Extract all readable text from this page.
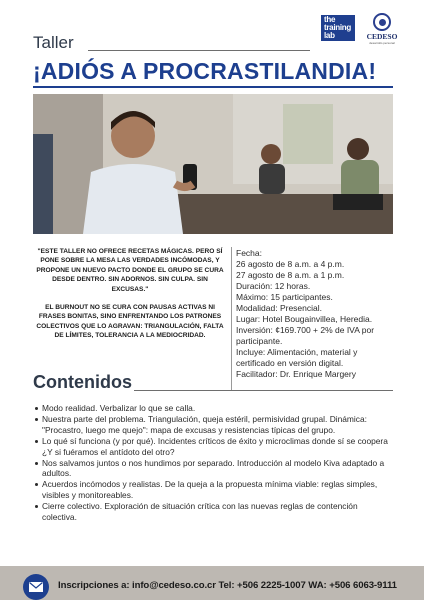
Taller
the
training
lab	CEDESO
desarrollo personal
¡ADIÓS A PROCRASTILANDIA!

"ESTE TALLER NO OFRECE RECETAS MÁGICAS. PERO SÍ PONE SOBRE LA MESA LAS VERDADES INCÓMODAS, Y PROPONE UN NUEVO PACTO DONDE EL GRUPO SE CURA DESDE DENTRO. SIN ADORNOS. SIN CULPA. SIN EXCUSAS."

EL BURNOUT NO SE CURA CON PAUSAS ACTIVAS NI FRASES BONITAS, SINO ENFRENTANDO LOS PATRONES COLECTIVOS QUE LO AGRAVAN: TRIANGULACIÓN, FALTA DE LÍMITES, TOLERANCIA A LA MEDIOCRIDAD.

Fecha:
26 agosto de 8 a.m. a 4 p.m.
27 agosto de 8 a.m. a 1 p.m.
Duración: 12 horas.
Máximo: 15 participantes.
Modalidad: Presencial.
Lugar: Hotel Bougainvillea, Heredia.
Inversión: ¢169.700 + 2% de IVA por participante.
Incluye: Alimentación, material y certificado en versión digital.
Facilitador: Dr. Enrique Margery
Contenidos
Modo realidad. Verbalizar lo que se calla.
Nuestra parte del problema. Triangulación, queja estéril, permisividad grupal. Dinámica: "Procastro, luego me quejo": mapa de excusas y resistencias típicas del grupo.
Lo qué sí funciona (y por qué). Incidentes críticos de éxito y microclimas donde sí se coopera ¿Y si fuéramos el antídoto del otro?
Nos salvamos juntos o nos hundimos por separado. Introducción al modelo Kiva adaptado a adultos.
Acuerdos incómodos y realistas. De la queja a la propuesta mínima viable: reglas simples, visibles y monitoreables.
Cierre colectivo. Exploración de situación crítica con las nuevas reglas de contención colectiva.
Inscripciones a: info@cedeso.co.cr Tel: +506 2225-1007 WA: +506 6063-9111
